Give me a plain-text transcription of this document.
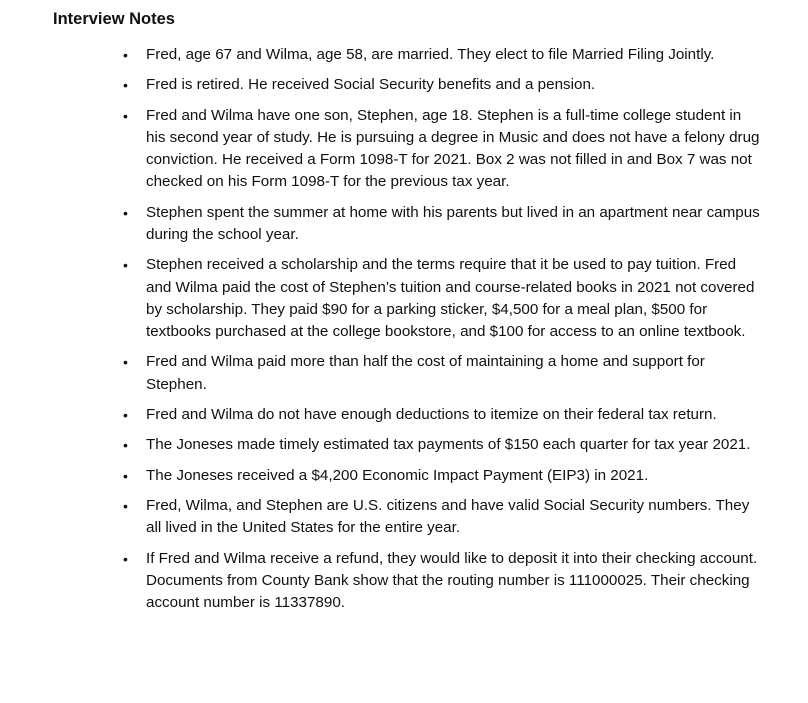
Interview Notes
• Fred, age 67 and Wilma, age 58, are married. They elect to file Married Filing Jointly.
• Fred is retired. He received Social Security benefits and a pension.
• Fred and Wilma have one son, Stephen, age 18. Stephen is a full-time college student in his second year of study. He is pursuing a degree in Music and does not have a felony drug conviction. He received a Form 1098-T for 2021. Box 2 was not filled in and Box 7 was not checked on his Form 1098-T for the previous tax year.
• Stephen spent the summer at home with his parents but lived in an apartment near campus during the school year.
• Stephen received a scholarship and the terms require that it be used to pay tuition. Fred and Wilma paid the cost of Stephen’s tuition and course-related books in 2021 not covered by scholarship. They paid $90 for a parking sticker, $4,500 for a meal plan, $500 for textbooks purchased at the college bookstore, and $100 for access to an online textbook.
• Fred and Wilma paid more than half the cost of maintaining a home and support for Stephen.
• Fred and Wilma do not have enough deductions to itemize on their federal tax return.
• The Joneses made timely estimated tax payments of $150 each quarter for tax year 2021.
• The Joneses received a $4,200 Economic Impact Payment (EIP3) in 2021.
• Fred, Wilma, and Stephen are U.S. citizens and have valid Social Security numbers. They all lived in the United States for the entire year.
• If Fred and Wilma receive a refund, they would like to deposit it into their checking account. Documents from County Bank show that the routing number is 111000025. Their checking account number is 11337890.
